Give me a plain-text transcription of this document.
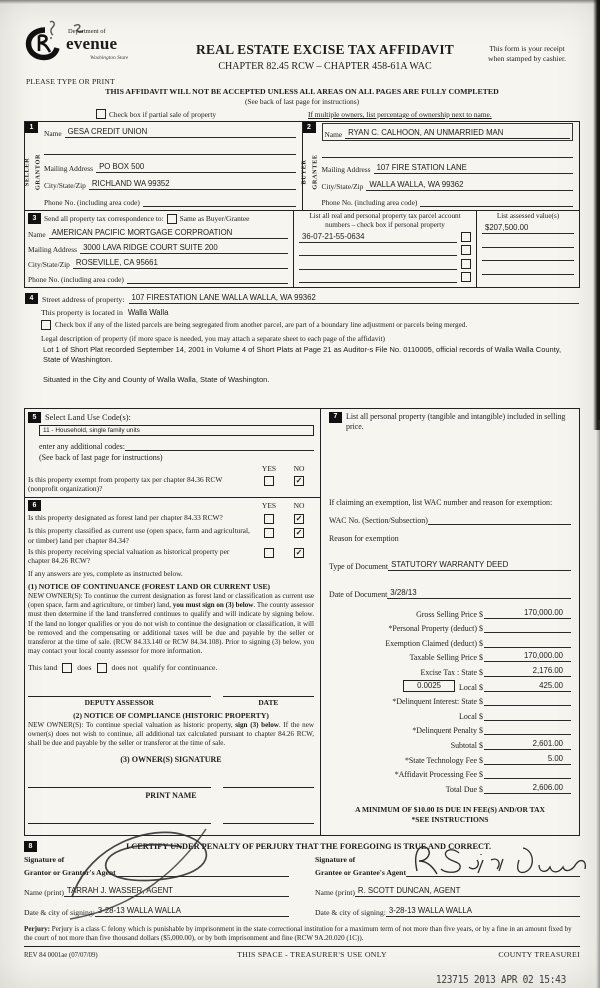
Department of
evenue
Washington State
PLEASE TYPE OR PRINT
REAL ESTATE EXCISE TAX AFFIDAVIT
CHAPTER 82.45 RCW – CHAPTER 458-61A WAC
This form is your receipt
when stamped by cashier.
THIS AFFIDAVIT WILL NOT BE ACCEPTED UNLESS ALL AREAS ON ALL PAGES ARE FULLY COMPLETED
(See back of last page for instructions)
Check box if partial sale of property	If multiple owners, list percentage of ownership next to name.
1
SELLER GRANTOR
Name GESA CREDIT UNION
Mailing Address PO BOX 500
City/State/Zip RICHLAND WA 99352
Phone No. (including area code)
2
BUYER GRANTEE
Name RYAN C. CALHOON, AN UNMARRIED MAN
Mailing Address 107 FIRE STATION LANE
City/State/Zip WALLA WALLA, WA 99362
Phone No. (including area code)
3	Send all property tax correspondence to: Same as Buyer/Grantee
Name AMERICAN PACIFIC MORTGAGE CORPROATION
Mailing Address 3000 LAVA RIDGE COURT SUITE 200
City/State/Zip ROSEVILLE, CA 95661
Phone No. (including area code)
List all real and personal property tax parcel account
numbers – check box if personal property
36-07-21-55-0634
List assessed value(s)
$207,500.00
4	Street address of property: 107 FIRESTATION LANE WALLA WALLA, WA 99362
This property is located in Walla Walla
Check box if any of the listed parcels are being segregated from another parcel, are part of a boundary line adjustment or parcels being merged.
Legal description of property (if more space is needed, you may attach a separate sheet to each page of the affidavit)
Lot 1 of Short Plat recorded September 14, 2001 in Volume 4 of Short Plats at Page 21 as Auditor-s File No. 0110005, official records of Walla Walla County, State of Washington.
Situated in the City and County of Walla Walla, State of Washington.
5	Select Land Use Code(s):
11 - Household, single family units
enter any additional codes:
(See back of last page for instructions)
YES	NO
Is this property exempt from property tax per chapter 84.36 RCW (nonprofit organization)?
✓
6	YES	NO
Is this property designated as forest land per chapter 84.33 RCW?	✓
Is this property classified as current use (open space, farm and agricultural, or timber) land per chapter 84.34?
✓
Is this property receiving special valuation as historical property per chapter 84.26 RCW?
✓
If any answers are yes, complete as instructed below.
(1) NOTICE OF CONTINUANCE (FOREST LAND OR CURRENT USE)
NEW OWNER(S): To continue the current designation as forest land or classification as current use (open space, farm and agriculture, or timber) land, you must sign on (3) below. The county assessor must then determine if the land transferred continues to qualify and will indicate by signing below. If the land no longer qualifies or you do not wish to continue the designation or classification, it will be removed and the compensating or additional taxes will be due and payable by the seller or transferor at the time of sale. (RCW 84.33.140 or RCW 84.34.108). Prior to signing (3) below, you may contact your local county assessor for more information.
This land	does	does not qualify for continuance.
DEPUTY ASSESSOR	DATE
(2) NOTICE OF COMPLIANCE (HISTORIC PROPERTY)
NEW OWNER(S): To continue special valuation as historic property, sign (3) below. If the new owner(s) does not wish to continue, all additional tax calculated pursuant to chapter 84.26 RCW, shall be due and payable by the seller or transferor at the time of sale.
(3) OWNER(S) SIGNATURE
PRINT NAME
7	List all personal property (tangible and intangible) included in selling price.
If claiming an exemption, list WAC number and reason for exemption:
WAC No. (Section/Subsection)
Reason for exemption
Type of Document STATUTORY WARRANTY DEED
Date of Document 3/28/13
Gross Selling Price $	170,000.00
*Personal Property (deduct) $
Exemption Claimed (deduct) $
Taxable Selling Price $	170,000.00
Excise Tax : State $	2,176.00
0.0025	Local $	425.00
*Delinquent Interest: State $
Local $
*Delinquent Penalty $
Subtotal $	2,601.00
*State Technology Fee $	5.00
*Affidavit Processing Fee $
Total Due $	2,606.00
A MINIMUM OF $10.00 IS DUE IN FEE(S) AND/OR TAX
*SEE INSTRUCTIONS
8	I CERTIFY UNDER PENALTY OF PERJURY THAT THE FOREGOING IS TRUE AND CORRECT.
Signature of
Grantor or Grantor's Agent
Name (print) TARRAH J. WASSER, AGENT
Date & city of signing: 3-28-13 WALLA WALLA
Signature of
Grantee or Grantee's Agent
Name (print) R. SCOTT DUNCAN, AGENT
Date & city of signing: 3-28-13 WALLA WALLA
Perjury: Perjury is a class C felony which is punishable by imprisonment in the state correctional institution for a maximum term of not more than five years, or by a fine in an amount fixed by the court of not more than five thousand dollars ($5,000.00), or by both imprisonment and fine (RCW 9A.20.020 (1C)).
REV 84 0001ae (07/07/09)	THIS SPACE - TREASURER'S USE ONLY	COUNTY TREASUREI
123715 2013 APR 02 15:43
